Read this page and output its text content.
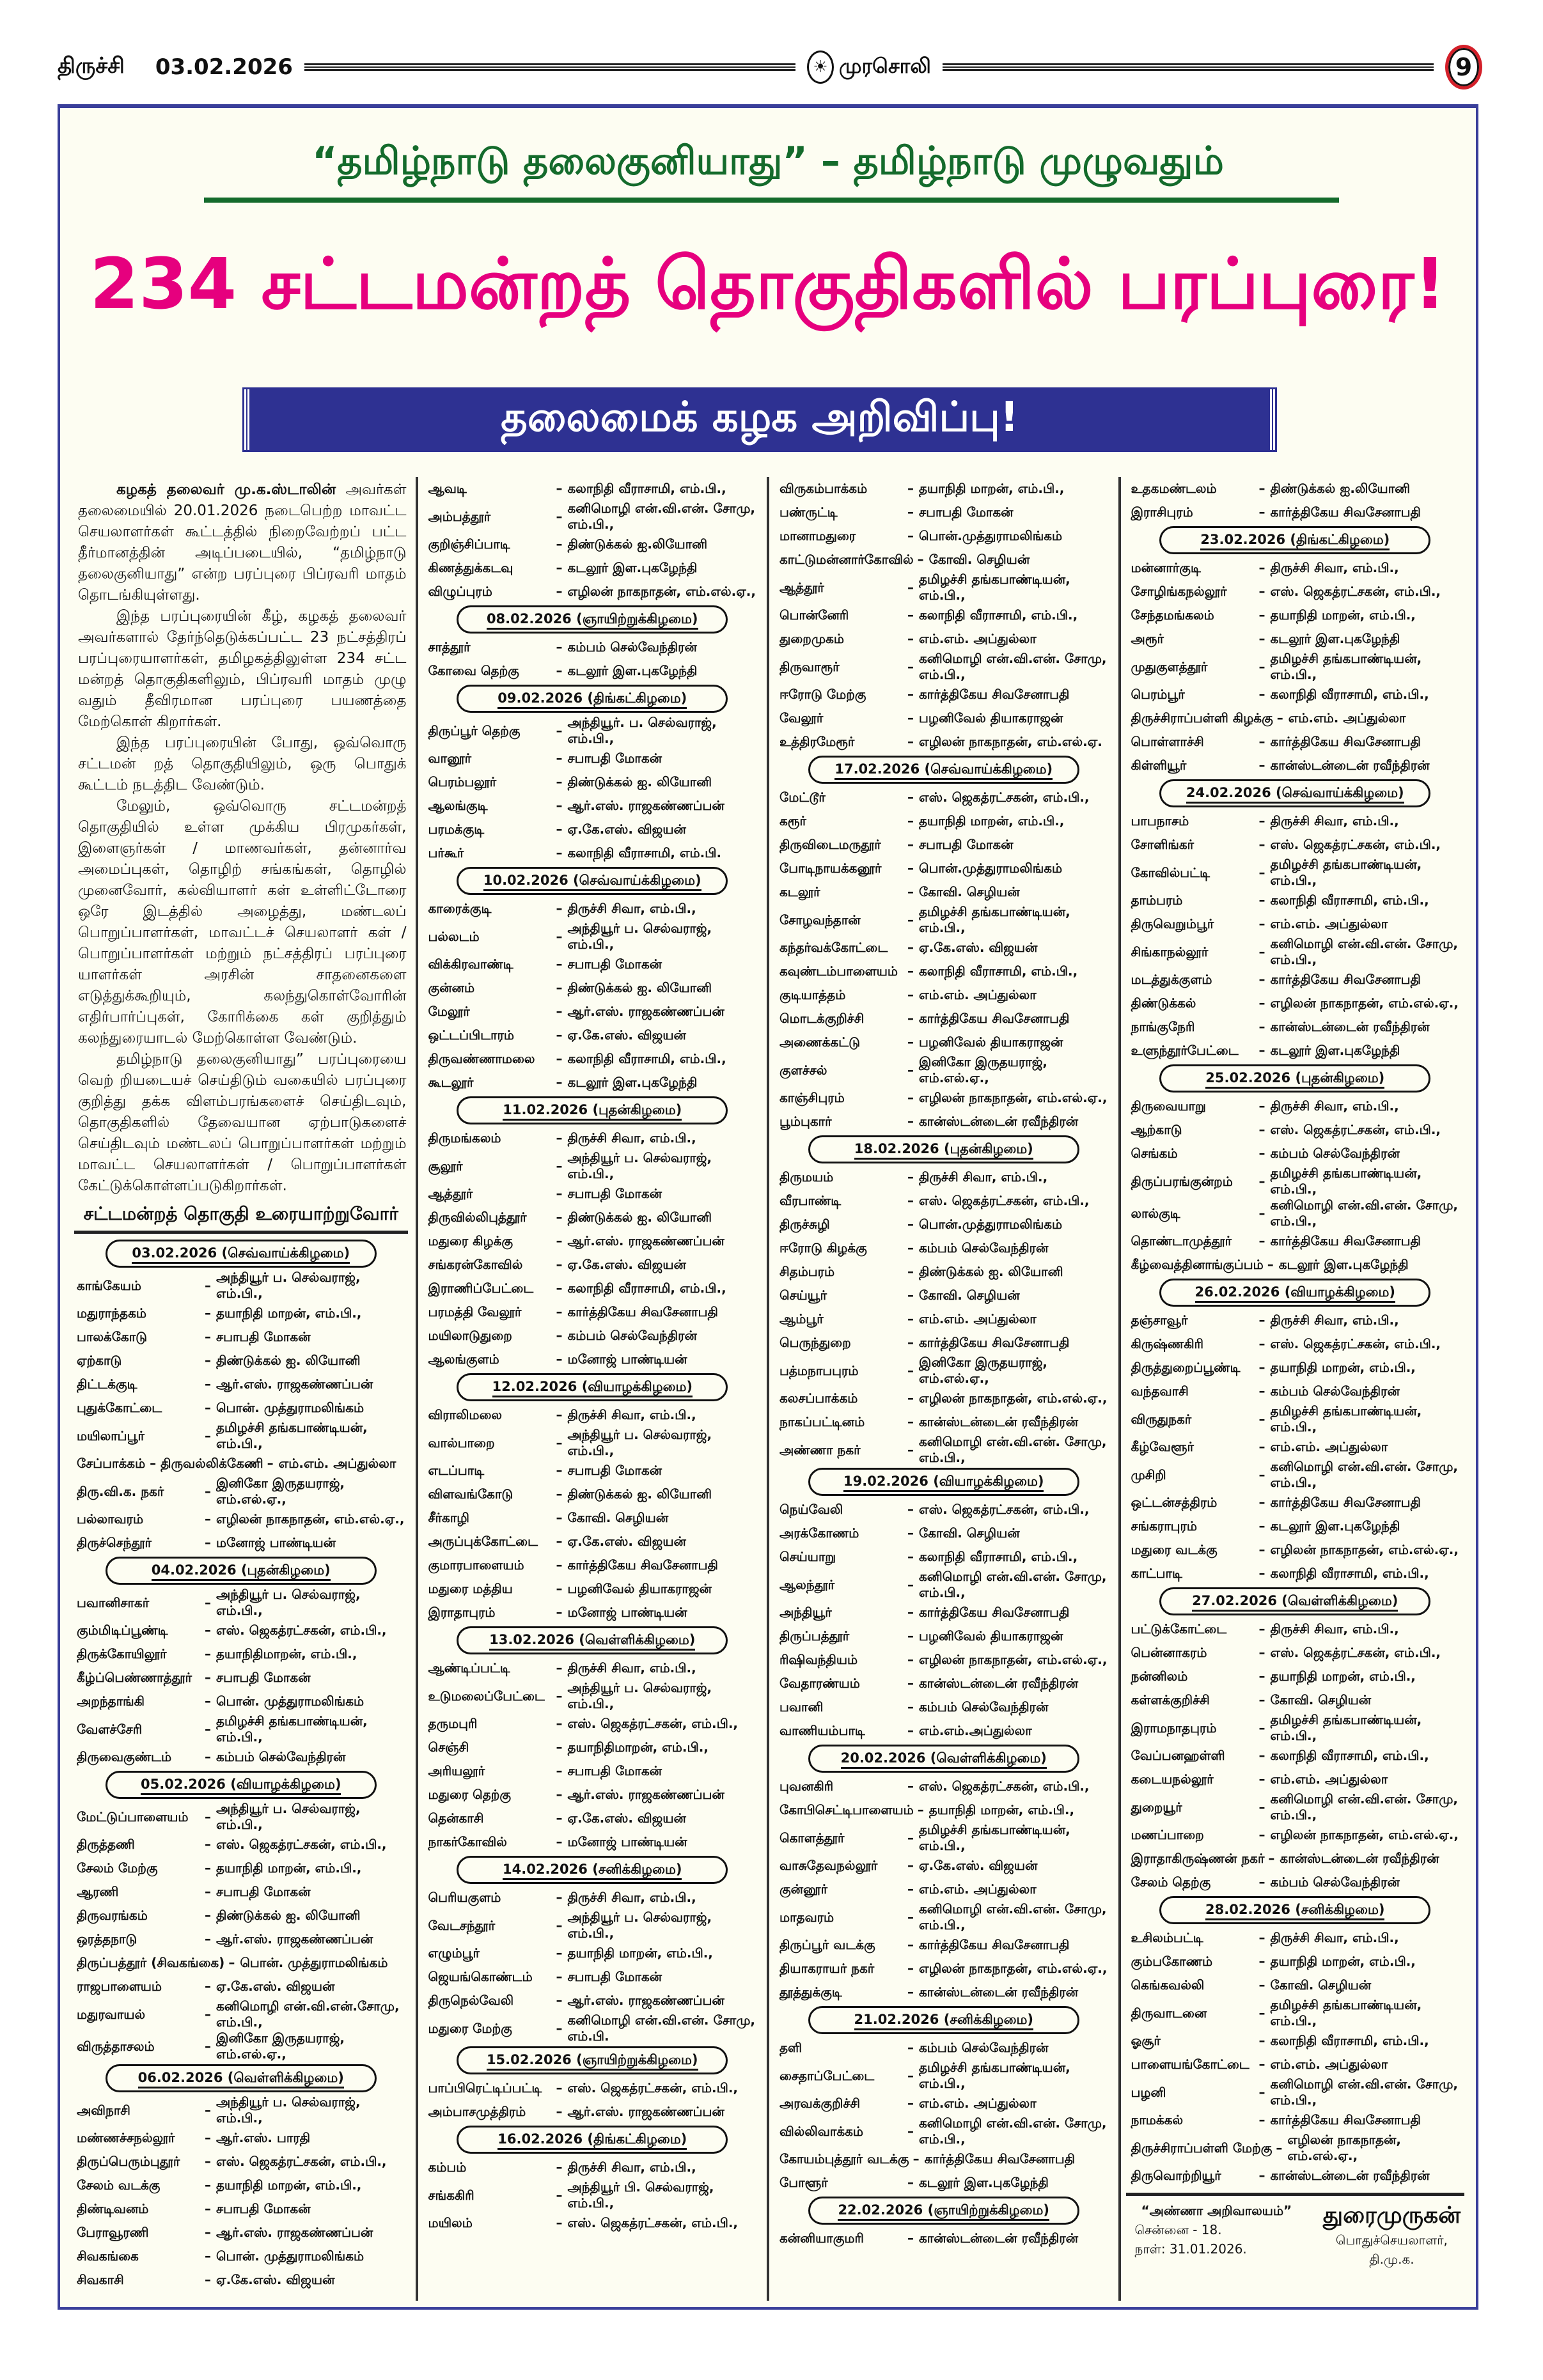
திருச்சி 03.02.2026	☀ முரசொலி	9
“தமிழ்நாடு தலைகுனியாது” – தமிழ்நாடு முழுவதும்
234 சட்டமன்றத் தொகுதிகளில் பரப்புரை!
தலைமைக் கழக அறிவிப்பு!

கழகத் தலைவர் மு.க.ஸ்டாலின் அவர்கள் தலைமையில் 20.01.2026 நடைபெற்ற மாவட்ட செயலாளர்கள் கூட்டத்தில் நிறைவேற்றப் பட்ட தீர்மானத்தின் அடிப்படையில், “தமிழ்நாடு தலைகுனியாது” என்ற பரப்புரை பிப்ரவரி மாதம் தொடங்கியுள்ளது.

இந்த பரப்புரையின் கீழ், கழகத் தலைவர் அவர்களால் தேர்ந்தெடுக்கப்பட்ட 23 நட்சத்திரப் பரப்புரையாளர்கள், தமிழகத்திலுள்ள 234 சட்ட மன்றத் தொகுதிகளிலும், பிப்ரவரி மாதம் முழு வதும் தீவிரமான பரப்புரை பயணத்தை மேற்கொள் கிறார்கள்.

இந்த பரப்புரையின் போது, ஒவ்வொரு சட்டமன் றத் தொகுதியிலும், ஒரு பொதுக் கூட்டம் நடத்திட வேண்டும்.

மேலும், ஒவ்வொரு சட்டமன்றத் தொகுதியில் உள்ள முக்கிய பிரமுகர்கள், இளைஞர்கள் / மாணவர்கள், தன்னார்வ அமைப்புகள், தொழிற் சங்கங்கள், தொழில் முனைவோர், கல்வியாளர் கள் உள்ளிட்டோரை ஒரே இடத்தில் அழைத்து, மண்டலப் பொறுப்பாளர்கள், மாவட்டச் செயலாளர் கள் / பொறுப்பாளர்கள் மற்றும் நட்சத்திரப் பரப்புரை யாளர்கள் அரசின் சாதனைகளை எடுத்துக்கூறியும், கலந்துகொள்வோரின் எதிர்பார்ப்புகள், கோரிக்கை கள் குறித்தும் கலந்துரையாடல் மேற்கொள்ள வேண்டும்.

தமிழ்நாடு தலைகுனியாது” பரப்புரையை வெற் றியடையச் செய்திடும் வகையில் பரப்புரை குறித்து தக்க விளம்பரங்களைச் செய்திடவும், தொகுதிகளில் தேவையான ஏற்பாடுகளைச் செய்திடவும் மண்டலப் பொறுப்பாளர்கள் மற்றும் மாவட்ட செயலாளர்கள் / பொறுப்பாளர்கள் கேட்டுக்கொள்ளப்படுகிறார்கள்.

சட்டமன்றத் தொகுதி உரையாற்றுவோர்
03.02.2026 (செவ்வாய்க்கிழமை)
காங்கேயம்	–
அந்தியூர் ப. செல்வராஜ், எம்.பி.,
மதுராந்தகம்	– தயாநிதி மாறன், எம்.பி.,
பாலக்கோடு	– சபாபதி மோகன்
ஏற்காடு	– திண்டுக்கல் ஐ. லியோனி
திட்டக்குடி	– ஆர்.எஸ். ராஜகண்ணப்பன்
புதுக்கோட்டை	– பொன். முத்துராமலிங்கம்
மயிலாப்பூர்	–
தமிழச்சி தங்கபாண்டியன், எம்.பி.,
சேப்பாக்கம் – திருவல்லிக்கேணி – எம்.எம். அப்துல்லா
திரு.வி.க. நகர்	–
இனிகோ இருதயராஜ், எம்.எல்.ஏ.,
பல்லாவரம்	– எழிலன் நாகநாதன், எம்.எல்.ஏ.,
திருச்செந்தூர்	– மனோஜ் பாண்டியன்
04.02.2026 (புதன்கிழமை)
பவானிசாகர்	–
அந்தியூர் ப. செல்வராஜ், எம்.பி.,
கும்மிடிப்பூண்டி	– எஸ். ஜெகத்ரட்சகன், எம்.பி.,
திருக்கோயிலூர்	– தயாநிதிமாறன், எம்.பி.,
கீழ்ப்பெண்ணாத்தூர் – சபாபதி மோகன்
அறந்தாங்கி	– பொன். முத்துராமலிங்கம்
வேளச்சேரி	–
தமிழச்சி தங்கபாண்டியன், எம்.பி.,
திருவைகுண்டம்	– கம்பம் செல்வேந்திரன்
05.02.2026 (வியாழக்கிழமை)
மேட்டுப்பாளையம்	–
அந்தியூர் ப. செல்வராஜ், எம்.பி.,
திருத்தணி	– எஸ். ஜெகத்ரட்சகன், எம்.பி.,
சேலம் மேற்கு	– தயாநிதி மாறன், எம்.பி.,
ஆரணி	– சபாபதி மோகன்
திருவரங்கம்	– திண்டுக்கல் ஐ. லியோனி
ஒரத்தநாடு	– ஆர்.எஸ். ராஜகண்ணப்பன்
திருப்பத்தூர் (சிவகங்கை) – பொன். முத்துராமலிங்கம்
ராஜபாளையம்	– ஏ.கே.எஸ். விஜயன்
மதுரவாயல்	–
கனிமொழி என்.வி.என்.சோமு, எம்.பி.,
விருத்தாசலம்	–
இனிகோ இருதயராஜ், எம்.எல்.ஏ.,
06.02.2026 (வெள்ளிக்கிழமை)
அவிநாசி	–
அந்தியூர் ப. செல்வராஜ், எம்.பி.,
மண்ணச்சநல்லூர்	– ஆர்.எஸ். பாரதி
திருப்பெரும்புதூர்	– எஸ். ஜெகத்ரட்சகன், எம்.பி.,
சேலம் வடக்கு	– தயாநிதி மாறன், எம்.பி.,
திண்டிவனம்	– சபாபதி மோகன்
பேராவூரணி	– ஆர்.எஸ். ராஜகண்ணப்பன்
சிவகங்கை	– பொன். முத்துராமலிங்கம்
சிவகாசி	– ஏ.கே.எஸ். விஜயன்
ஆவடி	– கலாநிதி வீராசாமி, எம்.பி.,
அம்பத்தூர்	–
கனிமொழி என்.வி.என். சோமு, எம்.பி.,
குறிஞ்சிப்பாடி	– திண்டுக்கல் ஐ.லியோனி
கிணத்துக்கடவு	– கடலூர் இள.புகழேந்தி
விழுப்புரம்	– எழிலன் நாகநாதன், எம்.எல்.ஏ.,
08.02.2026 (ஞாயிற்றுக்கிழமை)
சாத்தூர்	– கம்பம் செல்வேந்திரன்
கோவை தெற்கு	– கடலூர் இள.புகழேந்தி
09.02.2026 (திங்கட்கிழமை)
திருப்பூர் தெற்கு	–
அந்தியூர். ப. செல்வராஜ், எம்.பி.,
வானூர்	– சபாபதி மோகன்
பெரம்பலூர்	– திண்டுக்கல் ஐ. லியோனி
ஆலங்குடி	– ஆர்.எஸ். ராஜகண்ணப்பன்
பரமக்குடி	– ஏ.கே.எஸ். விஜயன்
பர்கூர்	– கலாநிதி வீராசாமி, எம்.பி.
10.02.2026 (செவ்வாய்க்கிழமை)
காரைக்குடி	– திருச்சி சிவா, எம்.பி.,
பல்லடம்	–
அந்தியூர் ப. செல்வராஜ், எம்.பி.,
விக்கிரவாண்டி	– சபாபதி மோகன்
குன்னம்	– திண்டுக்கல் ஐ. லியோனி
மேலூர்	– ஆர்.எஸ். ராஜகண்ணப்பன்
ஒட்டப்பிடாரம்	– ஏ.கே.எஸ். விஜயன்
திருவண்ணாமலை	– கலாநிதி வீராசாமி, எம்.பி.,
கூடலூர்	– கடலூர் இள.புகழேந்தி
11.02.2026 (புதன்கிழமை)
திருமங்கலம்	– திருச்சி சிவா, எம்.பி.,
சூலூர்	–
அந்தியூர் ப. செல்வராஜ், எம்.பி.,
ஆத்தூர்	– சபாபதி மோகன்
திருவில்லிபுத்தூர்	– திண்டுக்கல் ஐ. லியோனி
மதுரை கிழக்கு	– ஆர்.எஸ். ராஜகண்ணப்பன்
சங்கரன்கோவில்	– ஏ.கே.எஸ். விஜயன்
இராணிப்பேட்டை	– கலாநிதி வீராசாமி, எம்.பி.,
பரமத்தி வேலூர்	– கார்த்திகேய சிவசேனாபதி
மயிலாடுதுறை	– கம்பம் செல்வேந்திரன்
ஆலங்குளம்	– மனோஜ் பாண்டியன்
12.02.2026 (வியாழக்கிழமை)
விராலிமலை	– திருச்சி சிவா, எம்.பி.,
வால்பாறை	–
அந்தியூர் ப. செல்வராஜ், எம்.பி.,
எடப்பாடி	– சபாபதி மோகன்
விளவங்கோடு	– திண்டுக்கல் ஐ. லியோனி
சீர்காழி	– கோவி. செழியன்
அருப்புக்கோட்டை	– ஏ.கே.எஸ். விஜயன்
குமாரபாளையம்	– கார்த்திகேய சிவசேனாபதி
மதுரை மத்திய	– பழனிவேல் தியாகராஜன்
இராதாபுரம்	– மனோஜ் பாண்டியன்
13.02.2026 (வெள்ளிக்கிழமை)
ஆண்டிப்பட்டி	– திருச்சி சிவா, எம்.பி.,
உடுமலைப்பேட்டை –
அந்தியூர் ப. செல்வராஜ், எம்.பி.,
தருமபுரி	– எஸ். ஜெகத்ரட்சகன், எம்.பி.,
செஞ்சி	– தயாநிதிமாறன், எம்.பி.,
அரியலூர்	– சபாபதி மோகன்
மதுரை தெற்கு	– ஆர்.எஸ். ராஜகண்ணப்பன்
தென்காசி	– ஏ.கே.எஸ். விஜயன்
நாகர்கோவில்	– மனோஜ் பாண்டியன்
14.02.2026 (சனிக்கிழமை)
பெரியகுளம்	– திருச்சி சிவா, எம்.பி.,
வேடசந்தூர்	–
அந்தியூர் ப. செல்வராஜ், எம்.பி.,
எழும்பூர்	– தயாநிதி மாறன், எம்.பி.,
ஜெயங்கொண்டம்	– சபாபதி மோகன்
திருநெல்வேலி	– ஆர்.எஸ். ராஜகண்ணப்பன்
மதுரை மேற்கு	–
கனிமொழி என்.வி.என். சோமு, எம்.பி.
15.02.2026 (ஞாயிற்றுக்கிழமை)
பாப்பிரெட்டிப்பட்டி	– எஸ். ஜெகத்ரட்சகன், எம்.பி.,
அம்பாசமுத்திரம்	– ஆர்.எஸ். ராஜகண்ணப்பன்
16.02.2026 (திங்கட்கிழமை)
கம்பம்	– திருச்சி சிவா, எம்.பி.,
சங்ககிரி	–
அந்தியூர் பி. செல்வராஜ், எம்.பி.,
மயிலம்	– எஸ். ஜெகத்ரட்சகன், எம்.பி.,
விருகம்பாக்கம்	– தயாநிதி மாறன், எம்.பி.,
பண்ருட்டி	– சபாபதி மோகன்
மானாமதுரை	– பொன்.முத்துராமலிங்கம்
காட்டுமன்னார்கோவில் – கோவி. செழியன்
ஆத்தூர்	–
தமிழச்சி தங்கபாண்டியன், எம்.பி.,
பொன்னேரி	– கலாநிதி வீராசாமி, எம்.பி.,
துறைமுகம்	– எம்.எம். அப்துல்லா
திருவாரூர்	–
கனிமொழி என்.வி.என். சோமு, எம்.பி.,
ஈரோடு மேற்கு	– கார்த்திகேய சிவசேனாபதி
வேலூர்	– பழனிவேல் தியாகராஜன்
உத்திரமேரூர்	– எழிலன் நாகநாதன், எம்.எல்.ஏ.
17.02.2026 (செவ்வாய்க்கிழமை)
மேட்டூர்	– எஸ். ஜெகத்ரட்சகன், எம்.பி.,
கரூர்	– தயாநிதி மாறன், எம்.பி.,
திருவிடைமருதூர்	– சபாபதி மோகன்
போடிநாயக்கனூர்	– பொன்.முத்துராமலிங்கம்
கடலூர்	– கோவி. செழியன்
சோழவந்தான்	–
தமிழச்சி தங்கபாண்டியன், எம்.பி.,
கந்தர்வக்கோட்டை	– ஏ.கே.எஸ். விஜயன்
கவுண்டம்பாளையம் – கலாநிதி வீராசாமி, எம்.பி.,
குடியாத்தம்	– எம்.எம். அப்துல்லா
மொடக்குறிச்சி	– கார்த்திகேய சிவசேனாபதி
அணைக்கட்டு	– பழனிவேல் தியாகராஜன்
குளச்சல்	–
இனிகோ இருதயராஜ், எம்.எல்.ஏ.,
காஞ்சிபுரம்	– எழிலன் நாகநாதன், எம்.எல்.ஏ.,
பூம்புகார்	– கான்ஸ்டன்டைன் ரவீந்திரன்
18.02.2026 (புதன்கிழமை)
திருமயம்	– திருச்சி சிவா, எம்.பி.,
வீரபாண்டி	– எஸ். ஜெகத்ரட்சகன், எம்.பி.,
திருச்சுழி	– பொன்.முத்துராமலிங்கம்
ஈரோடு கிழக்கு	– கம்பம் செல்வேந்திரன்
சிதம்பரம்	– திண்டுக்கல் ஐ. லியோனி
செய்யூர்	– கோவி. செழியன்
ஆம்பூர்	– எம்.எம். அப்துல்லா
பெருந்துறை	– கார்த்திகேய சிவசேனாபதி
பத்மநாபபுரம்	–
இனிகோ இருதயராஜ், எம்.எல்.ஏ.,
கலசப்பாக்கம்	– எழிலன் நாகநாதன், எம்.எல்.ஏ.,
நாகப்பட்டினம்	– கான்ஸ்டன்டைன் ரவீந்திரன்
அண்ணா நகர்	–
கனிமொழி என்.வி.என். சோமு, எம்.பி.,
19.02.2026 (வியாழக்கிழமை)
நெய்வேலி	– எஸ். ஜெகத்ரட்சகன், எம்.பி.,
அரக்கோணம்	– கோவி. செழியன்
செய்யாறு	– கலாநிதி வீராசாமி, எம்.பி.,
ஆலந்தூர்	–
கனிமொழி என்.வி.என். சோமு, எம்.பி.,
அந்தியூர்	– கார்த்திகேய சிவசேனாபதி
திருப்பத்தூர்	– பழனிவேல் தியாகராஜன்
ரிஷிவந்தியம்	– எழிலன் நாகநாதன், எம்.எல்.ஏ.,
வேதாரண்யம்	– கான்ஸ்டன்டைன் ரவீந்திரன்
பவானி	– கம்பம் செல்வேந்திரன்
வாணியம்பாடி	– எம்.எம்.அப்துல்லா
20.02.2026 (வெள்ளிக்கிழமை)
புவனகிரி	– எஸ். ஜெகத்ரட்சகன், எம்.பி.,
கோபிசெட்டிபாளையம் – தயாநிதி மாறன், எம்.பி.,
கொளத்தூர்	–
தமிழச்சி தங்கபாண்டியன், எம்.பி.,
வாசுதேவநல்லூர்	– ஏ.கே.எஸ். விஜயன்
குன்னூர்	– எம்.எம். அப்துல்லா
மாதவரம்	–
கனிமொழி என்.வி.என். சோமு, எம்.பி.,
திருப்பூர் வடக்கு	– கார்த்திகேய சிவசேனாபதி
தியாகராயர் நகர்	– எழிலன் நாகநாதன், எம்.எல்.ஏ.,
தூத்துக்குடி	– கான்ஸ்டன்டைன் ரவீந்திரன்
21.02.2026 (சனிக்கிழமை)
தளி	– கம்பம் செல்வேந்திரன்
சைதாப்பேட்டை	–
தமிழச்சி தங்கபாண்டியன், எம்.பி.,
அரவக்குறிச்சி	– எம்.எம். அப்துல்லா
வில்லிவாக்கம்	–
கனிமொழி என்.வி.என். சோமு, எம்.பி.,
கோயம்புத்தூர் வடக்கு – கார்த்திகேய சிவசேனாபதி
போளூர்	– கடலூர் இள.புகழேந்தி
22.02.2026 (ஞாயிற்றுக்கிழமை)
கன்னியாகுமரி	– கான்ஸ்டன்டைன் ரவீந்திரன்
உதகமண்டலம்	– திண்டுக்கல் ஐ.லியோனி
இராசிபுரம்	– கார்த்திகேய சிவசேனாபதி
23.02.2026 (திங்கட்கிழமை)
மன்னார்குடி	– திருச்சி சிவா, எம்.பி.,
சோழிங்கநல்லூர்	– எஸ். ஜெகத்ரட்சகன், எம்.பி.,
சேந்தமங்கலம்	– தயாநிதி மாறன், எம்.பி.,
அரூர்	– கடலூர் இள.புகழேந்தி
முதுகுளத்தூர்	–
தமிழச்சி தங்கபாண்டியன், எம்.பி.,
பெரம்பூர்	– கலாநிதி வீராசாமி, எம்.பி.,
திருச்சிராப்பள்ளி கிழக்கு – எம்.எம். அப்துல்லா
பொள்ளாச்சி	– கார்த்திகேய சிவசேனாபதி
கிள்ளியூர்	– கான்ஸ்டன்டைன் ரவீந்திரன்
24.02.2026 (செவ்வாய்க்கிழமை)
பாபநாசம்	– திருச்சி சிவா, எம்.பி.,
சோளிங்கர்	– எஸ். ஜெகத்ரட்சகன், எம்.பி.,
கோவில்பட்டி	–
தமிழச்சி தங்கபாண்டியன், எம்.பி.,
தாம்பரம்	– கலாநிதி வீராசாமி, எம்.பி.,
திருவெறும்பூர்	– எம்.எம். அப்துல்லா
சிங்காநல்லூர்	–
கனிமொழி என்.வி.என். சோமு, எம்.பி.,
மடத்துக்குளம்	– கார்த்திகேய சிவசேனாபதி
திண்டுக்கல்	– எழிலன் நாகநாதன், எம்.எல்.ஏ.,
நாங்குநேரி	– கான்ஸ்டன்டைன் ரவீந்திரன்
உளுந்தூர்பேட்டை	– கடலூர் இள.புகழேந்தி
25.02.2026 (புதன்கிழமை)
திருவையாறு	– திருச்சி சிவா, எம்.பி.,
ஆற்காடு	– எஸ். ஜெகத்ரட்சகன், எம்.பி.,
செங்கம்	– கம்பம் செல்வேந்திரன்
திருப்பரங்குன்றம்	–
தமிழச்சி தங்கபாண்டியன், எம்.பி.,
லால்குடி	–
கனிமொழி என்.வி.என். சோமு, எம்.பி.,
தொண்டாமுத்தூர்	– கார்த்திகேய சிவசேனாபதி
கீழ்வைத்தினாங்குப்பம் – கடலூர் இள.புகழேந்தி
26.02.2026 (வியாழக்கிழமை)
தஞ்சாவூர்	– திருச்சி சிவா, எம்.பி.,
கிருஷ்ணகிரி	– எஸ். ஜெகத்ரட்சகன், எம்.பி.,
திருத்துறைப்பூண்டி	– தயாநிதி மாறன், எம்.பி.,
வந்தவாசி	– கம்பம் செல்வேந்திரன்
விருதுநகர்	–
தமிழச்சி தங்கபாண்டியன், எம்.பி.,
கீழ்வேளூர்	– எம்.எம். அப்துல்லா
முசிறி	–
கனிமொழி என்.வி.என். சோமு, எம்.பி.,
ஒட்டன்சத்திரம்	– கார்த்திகேய சிவசேனாபதி
சங்கராபுரம்	– கடலூர் இள.புகழேந்தி
மதுரை வடக்கு	– எழிலன் நாகநாதன், எம்.எல்.ஏ.,
காட்பாடி	– கலாநிதி வீராசாமி, எம்.பி.,
27.02.2026 (வெள்ளிக்கிழமை)
பட்டுக்கோட்டை	– திருச்சி சிவா, எம்.பி.,
பென்னாகரம்	– எஸ். ஜெகத்ரட்சகன், எம்.பி.,
நன்னிலம்	– தயாநிதி மாறன், எம்.பி.,
கள்ளக்குறிச்சி	– கோவி. செழியன்
இராமநாதபுரம்	–
தமிழச்சி தங்கபாண்டியன், எம்.பி.,
வேப்பனஹள்ளி	– கலாநிதி வீராசாமி, எம்.பி.,
கடையநல்லூர்	– எம்.எம். அப்துல்லா
துறையூர்	–
கனிமொழி என்.வி.என். சோமு, எம்.பி.,
மணப்பாறை	– எழிலன் நாகநாதன், எம்.எல்.ஏ.,
இராதாகிருஷ்ணன் நகர் – கான்ஸ்டன்டைன் ரவீந்திரன்
சேலம் தெற்கு	– கம்பம் செல்வேந்திரன்
28.02.2026 (சனிக்கிழமை)
உசிலம்பட்டி	– திருச்சி சிவா, எம்.பி.,
கும்பகோணம்	– தயாநிதி மாறன், எம்.பி.,
கெங்கவல்லி	– கோவி. செழியன்
திருவாடனை	–
தமிழச்சி தங்கபாண்டியன், எம்.பி.,
ஓசூர்	– கலாநிதி வீராசாமி, எம்.பி.,
பாளையங்கோட்டை – எம்.எம். அப்துல்லா
பழனி	–
கனிமொழி என்.வி.என். சோமு, எம்.பி.,
நாமக்கல்	– கார்த்திகேய சிவசேனாபதி
திருச்சிராப்பள்ளி மேற்கு –
எழிலன் நாகநாதன், எம்.எல்.ஏ.,
திருவொற்றியூர்	– கான்ஸ்டன்டைன் ரவீந்திரன்
“அண்ணா அறிவாலயம்”
சென்னை - 18.
நாள்: 31.01.2026.
துரைமுருகன்
பொதுச்செயலாளர்,
தி.மு.க.
